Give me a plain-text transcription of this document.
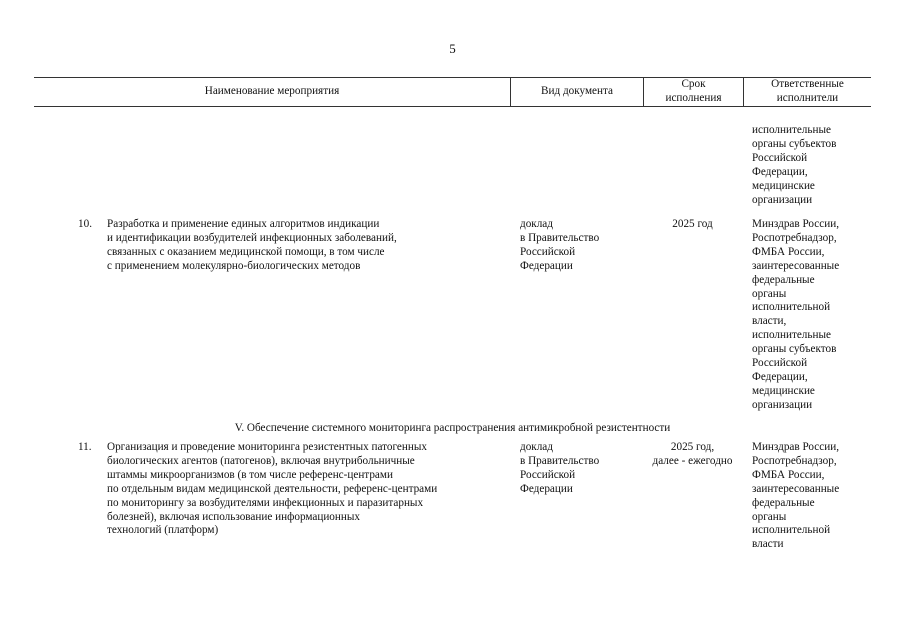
5
Наименование мероприятия	Вид документа
Срок
исполнения
Ответственные
исполнители
исполнительные
органы субъектов
Российской
Федерации,
медицинские
организации
10. Разработка и применение единых алгоритмов индикации
и идентификации возбудителей инфекционных заболеваний,
связанных с оказанием медицинской помощи, в том числе
с применением молекулярно-биологических методов
доклад
в Правительство
Российской
Федерации
2025 год	Минздрав России,
Роспотребнадзор,
ФМБА России,
заинтересованные
федеральные
органы
исполнительной
власти,
исполнительные
органы субъектов
Российской
Федерации,
медицинские
организации
V. Обеспечение системного мониторинга распространения антимикробной резистентности
11. Организация и проведение мониторинга резистентных патогенных
биологических агентов (патогенов), включая внутрибольничные
штаммы микроорганизмов (в том числе референс-центрами
по отдельным видам медицинской деятельности, референс-центрами
по мониторингу за возбудителями инфекционных и паразитарных
болезней), включая использование информационных
технологий (платформ)
доклад
в Правительство
Российской
Федерации
2025 год,
далее - ежегодно
Минздрав России,
Роспотребнадзор,
ФМБА России,
заинтересованные
федеральные
органы
исполнительной
власти
